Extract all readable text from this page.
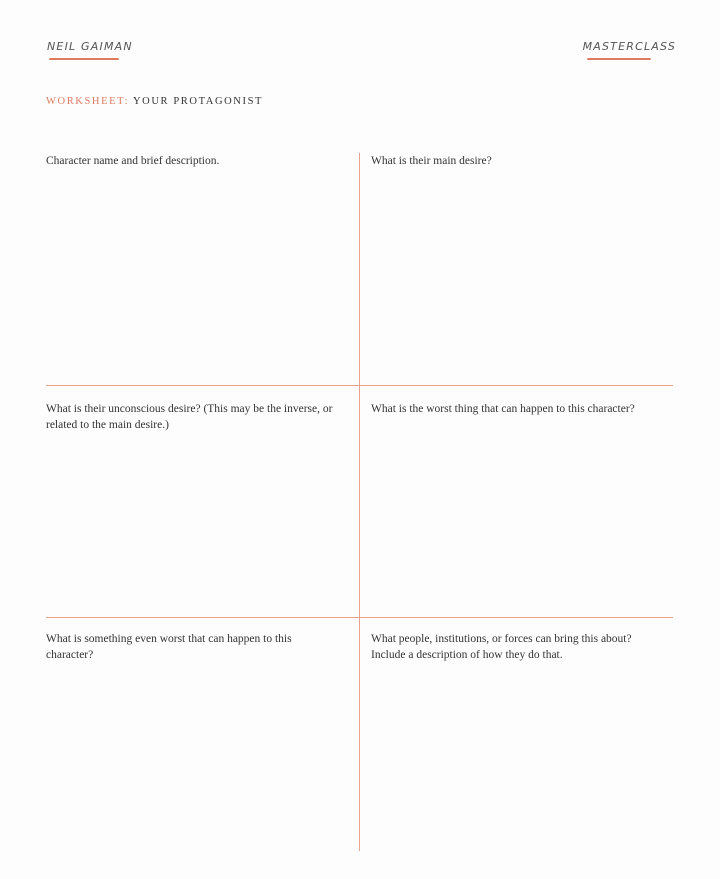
NEIL GAIMAN	MASTERCLASS
WORKSHEET: YOUR PROTAGONIST
Character name and brief description.	What is their main desire?
What is their unconscious desire? (This may be the inverse, or related to the main desire.)
What is the worst thing that can happen to this character?
What is something even worst that can happen to this character?
What people, institutions, or forces can bring this about? Include a description of how they do that.
